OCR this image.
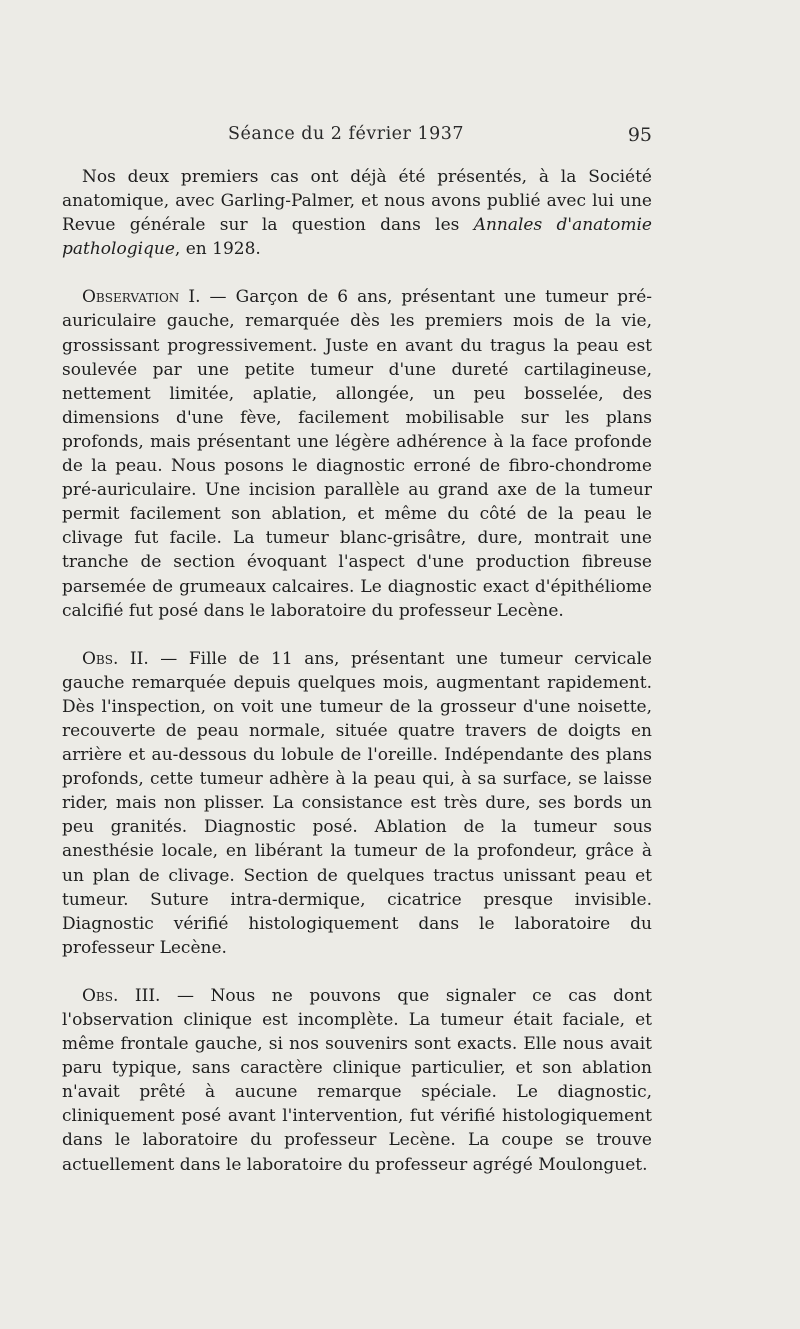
Séance du 2 février 1937	95

Nos deux premiers cas ont déjà été présentés, à la Société anatomique, avec Garling-Palmer, et nous avons publié avec lui une Revue générale sur la question dans les Annales d'anatomie pathologique, en 1928.

Observation I. — Garçon de 6 ans, présentant une tumeur pré-auriculaire gauche, remarquée dès les premiers mois de la vie, grossissant progressivement. Juste en avant du tragus la peau est soulevée par une petite tumeur d'une dureté cartilagineuse, nettement limitée, aplatie, allongée, un peu bosselée, des dimensions d'une fève, facilement mobilisable sur les plans profonds, mais présentant une légère adhérence à la face profonde de la peau. Nous posons le diagnostic erroné de fibro-chondrome pré-auriculaire. Une incision parallèle au grand axe de la tumeur permit facilement son ablation, et même du côté de la peau le clivage fut facile. La tumeur blanc-grisâtre, dure, montrait une tranche de section évoquant l'aspect d'une production fibreuse parsemée de grumeaux calcaires. Le diagnostic exact d'épithéliome calcifié fut posé dans le laboratoire du professeur Lecène.

Obs. II. — Fille de 11 ans, présentant une tumeur cervicale gauche remarquée depuis quelques mois, augmentant rapidement. Dès l'inspection, on voit une tumeur de la grosseur d'une noisette, recouverte de peau normale, située quatre travers de doigts en arrière et au-dessous du lobule de l'oreille. Indépendante des plans profonds, cette tumeur adhère à la peau qui, à sa surface, se laisse rider, mais non plisser. La consistance est très dure, ses bords un peu granités. Diagnostic posé. Ablation de la tumeur sous anesthésie locale, en libérant la tumeur de la profondeur, grâce à un plan de clivage. Section de quelques tractus unissant peau et tumeur. Suture intra-dermique, cicatrice presque invisible. Diagnostic vérifié histologiquement dans le laboratoire du professeur Lecène.

Obs. III. — Nous ne pouvons que signaler ce cas dont l'observation clinique est incomplète. La tumeur était faciale, et même frontale gauche, si nos souvenirs sont exacts. Elle nous avait paru typique, sans caractère clinique particulier, et son ablation n'avait prêté à aucune remarque spéciale. Le diagnostic, cliniquement posé avant l'intervention, fut vérifié histologiquement dans le laboratoire du professeur Lecène. La coupe se trouve actuellement dans le laboratoire du professeur agrégé Moulonguet.
